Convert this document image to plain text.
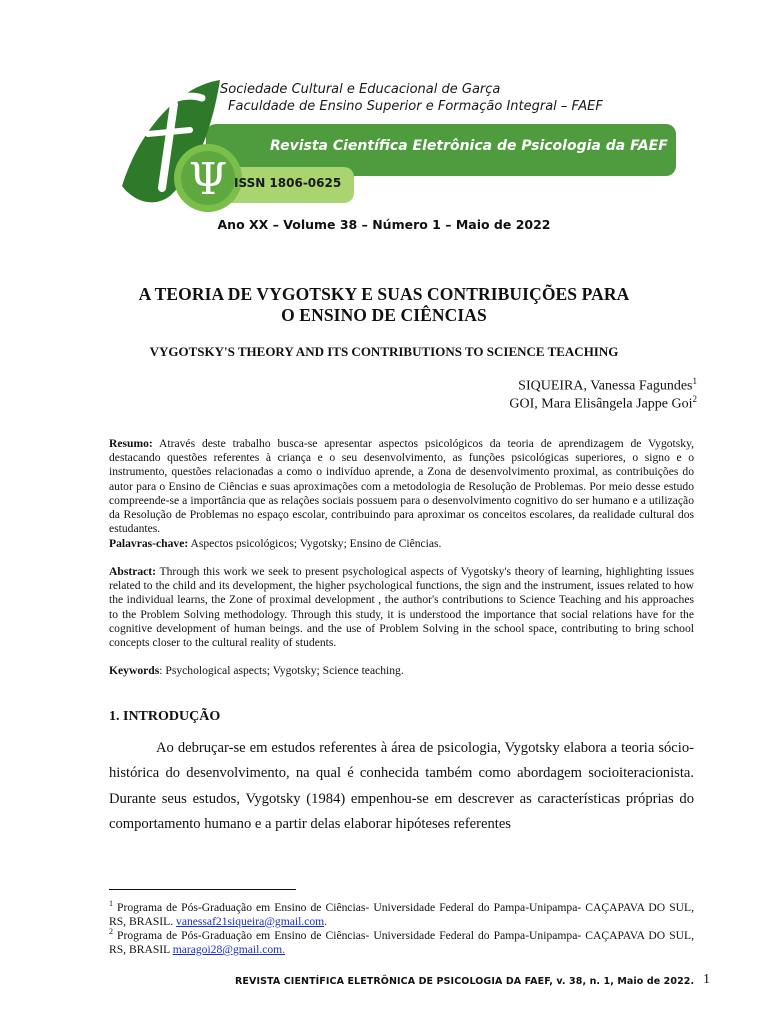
Ψ
Sociedade Cultural e Educacional de Garça
Faculdade de Ensino Superior e Formação Integral – FAEF
Revista Científica Eletrônica de Psicologia da FAEF
ISSN 1806-0625
Ano XX – Volume 38 – Número 1 – Maio de 2022
A TEORIA DE VYGOTSKY E SUAS CONTRIBUIÇÕES PARA
O ENSINO DE CIÊNCIAS
VYGOTSKY'S THEORY AND ITS CONTRIBUTIONS TO SCIENCE TEACHING
SIQUEIRA, Vanessa Fagundes$^1$
GOI, Mara Elisângela Jappe Goi$^2$

Resumo: Através deste trabalho busca-se apresentar aspectos psicológicos da teoria de aprendizagem de Vygotsky, destacando questões referentes à criança e o seu desenvolvimento, as funções psicológicas superiores, o signo e o instrumento, questões relacionadas a como o indivíduo aprende, a Zona de desenvolvimento proximal, as contribuições do autor para o Ensino de Ciências e suas aproximações com a metodologia de Resolução de Problemas. Por meio desse estudo compreende-se a importância que as relações sociais possuem para o desenvolvimento cognitivo do ser humano e a utilização da Resolução de Problemas no espaço escolar, contribuindo para aproximar os conceitos escolares, da realidade cultural dos estudantes.

Palavras-chave: Aspectos psicológicos; Vygotsky; Ensino de Ciências.

Abstract: Through this work we seek to present psychological aspects of Vygotsky's theory of learning, highlighting issues related to the child and its development, the higher psychological functions, the sign and the instrument, issues related to how the individual learns, the Zone of proximal development , the author's contributions to Science Teaching and his approaches to the Problem Solving methodology. Through this study, it is understood the importance that social relations have for the cognitive development of human beings. and the use of Problem Solving in the school space, contributing to bring school concepts closer to the cultural reality of students.

Keywords: Psychological aspects; Vygotsky; Science teaching.

1. INTRODUÇÃO

Ao debruçar-se em estudos referentes à área de psicologia, Vygotsky elabora a teoria sócio-histórica do desenvolvimento, na qual é conhecida também como abordagem socioiteracionista. Durante seus estudos, Vygotsky (1984) empenhou-se em descrever as características próprias do comportamento humano e a partir delas elaborar hipóteses referentes

$^1$ Programa de Pós-Graduação em Ensino de Ciências- Universidade Federal do Pampa-Unipampa- CAÇAPAVA DO SUL, RS, BRASIL. vanessaf21siqueira@gmail.com.

$^2$ Programa de Pós-Graduação em Ensino de Ciências- Universidade Federal do Pampa-Unipampa- CAÇAPAVA DO SUL, RS, BRASIL maragoi28@gmail.com.

REVISTA CIENTÍFICA ELETRÔNICA DE PSICOLOGIA DA FAEF, v. 38, n. 1, Maio de 2022. 1
